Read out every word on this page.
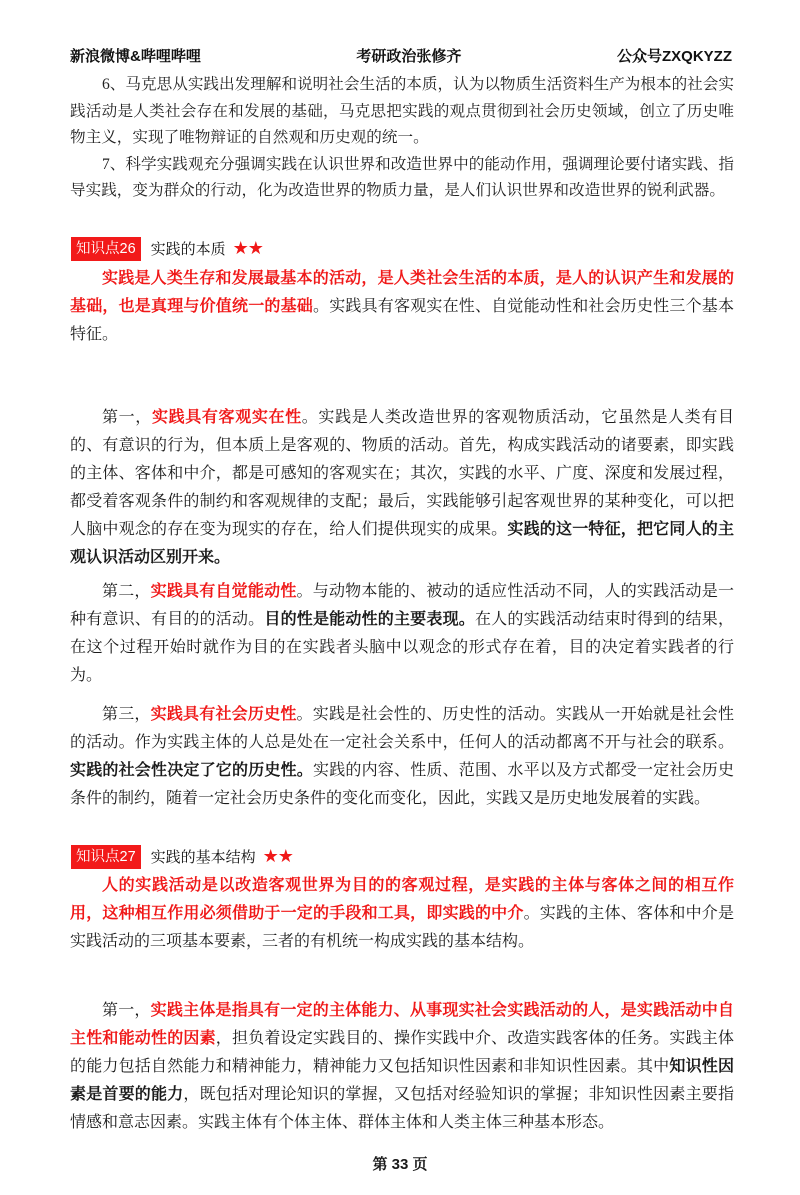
新浪微博&哔哩哔哩	考研政治张修齐	公众号ZXQKYZZ

6、马克思从实践出发理解和说明社会生活的本质，认为以物质生活资料生产为根本的社会实践活动是人类社会存在和发展的基础，马克思把实践的观点贯彻到社会历史领域，创立了历史唯物主义，实现了唯物辩证的自然观和历史观的统一。

7、科学实践观充分强调实践在认识世界和改造世界中的能动作用，强调理论要付诸实践、指导实践，变为群众的行动，化为改造世界的物质力量，是人们认识世界和改造世界的锐利武器。

知识点26	实践的本质 ★★

实践是人类生存和发展最基本的活动，是人类社会生活的本质，是人的认识产生和发展的基础，也是真理与价值统一的基础。实践具有客观实在性、自觉能动性和社会历史性三个基本特征。

第一，实践具有客观实在性。实践是人类改造世界的客观物质活动，它虽然是人类有目的、有意识的行为，但本质上是客观的、物质的活动。首先，构成实践活动的诸要素，即实践的主体、客体和中介，都是可感知的客观实在；其次，实践的水平、广度、深度和发展过程，都受着客观条件的制约和客观规律的支配；最后，实践能够引起客观世界的某种变化，可以把人脑中观念的存在变为现实的存在，给人们提供现实的成果。实践的这一特征，把它同人的主观认识活动区别开来。

第二，实践具有自觉能动性。与动物本能的、被动的适应性活动不同，人的实践活动是一种有意识、有目的的活动。目的性是能动性的主要表现。在人的实践活动结束时得到的结果，在这个过程开始时就作为目的在实践者头脑中以观念的形式存在着，目的决定着实践者的行为。

第三，实践具有社会历史性。实践是社会性的、历史性的活动。实践从一开始就是社会性的活动。作为实践主体的人总是处在一定社会关系中，任何人的活动都离不开与社会的联系。实践的社会性决定了它的历史性。实践的内容、性质、范围、水平以及方式都受一定社会历史条件的制约，随着一定社会历史条件的变化而变化，因此，实践又是历史地发展着的实践。

知识点27	实践的基本结构 ★★

人的实践活动是以改造客观世界为目的的客观过程，是实践的主体与客体之间的相互作用，这种相互作用必须借助于一定的手段和工具，即实践的中介。实践的主体、客体和中介是实践活动的三项基本要素，三者的有机统一构成实践的基本结构。

第一，实践主体是指具有一定的主体能力、从事现实社会实践活动的人，是实践活动中自主性和能动性的因素，担负着设定实践目的、操作实践中介、改造实践客体的任务。实践主体的能力包括自然能力和精神能力，精神能力又包括知识性因素和非知识性因素。其中知识性因素是首要的能力，既包括对理论知识的掌握，又包括对经验知识的掌握；非知识性因素主要指情感和意志因素。实践主体有个体主体、群体主体和人类主体三种基本形态。

第 33 页
